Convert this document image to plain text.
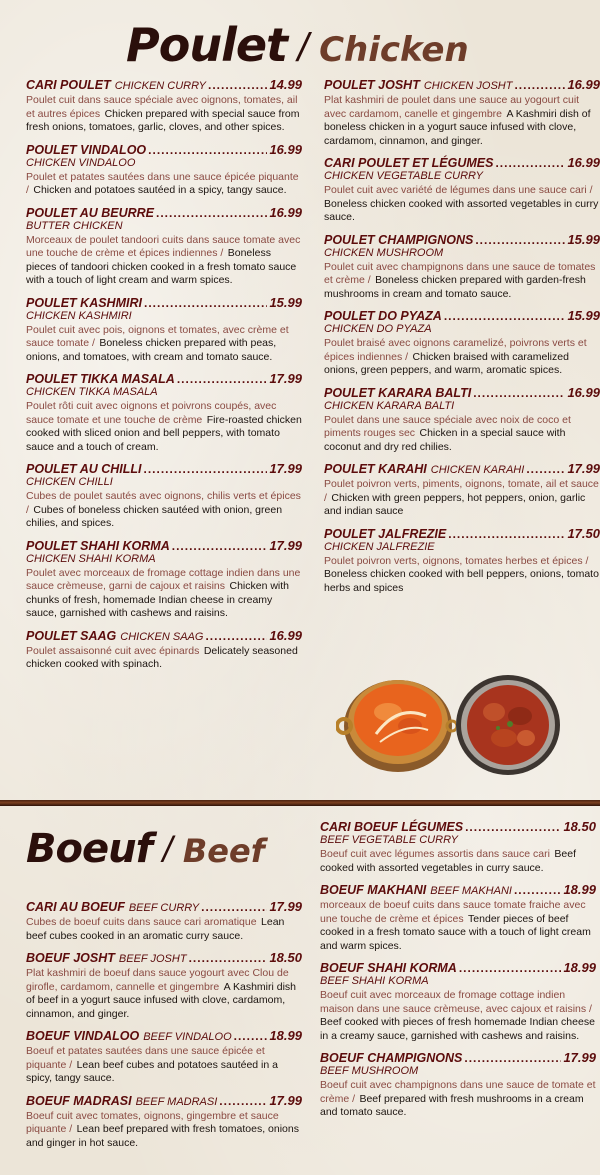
Poulet / Chicken
CARI POULET CHICKEN CURRY .....	14.99
Poulet cuit dans sauce spéciale avec oignons, tomates, ail et autres épices Chicken prepared with special sauce from fresh onions, tomatoes, garlic, cloves, and other spices.
POULET VINDALOO .....	16.99
CHICKEN VINDALOO
Poulet et patates sautées dans une sauce épicée piquante / Chicken and potatoes sautéed in a spicy, tangy sauce.
POULET AU BEURRE .....	16.99
BUTTER CHICKEN
Morceaux de poulet tandoori cuits dans sauce tomate avec une touche de crème et épices indiennes / Boneless pieces of tandoori chicken cooked in a fresh tomato sauce with a touch of light cream and warm spices.
POULET KASHMIRI .....	15.99
CHICKEN KASHMIRI
Poulet cuit avec pois, oignons et tomates, avec crème et sauce tomate / Boneless chicken prepared with peas, onions, and tomatoes, with cream and tomato sauce.
POULET TIKKA MASALA .....	17.99
CHICKEN TIKKA MASALA
Poulet rôti cuit avec oignons et poivrons coupés, avec sauce tomate et une touche de crème Fire-roasted chicken cooked with sliced onion and bell peppers, with tomato sauce and a touch of cream.
POULET AU CHILLI .....	17.99
CHICKEN CHILLI
Cubes de poulet sautés avec oignons, chilis verts et épices / Cubes of boneless chicken sautéed with onion, green chilies, and spices.
POULET SHAHI KORMA .....	17.99
CHICKEN SHAHI KORMA
Poulet avec morceaux de fromage cottage indien dans une sauce crèmeuse, garni de cajoux et raisins Chicken with chunks of fresh, homemade Indian cheese in creamy sauce, garnished with cashews and raisins.
POULET SAAG CHICKEN SAAG .....	16.99
Poulet assaisonné cuit avec épinards Delicately seasoned chicken cooked with spinach.
POULET JOSHT CHICKEN JOSHT .....	16.99
Plat kashmiri de poulet dans une sauce au yogourt cuit avec cardamom, canelle et gingembre A Kashmiri dish of boneless chicken in a yogurt sauce infused with clove, cardamom, cinnamon, and ginger.
CARI POULET ET LÉGUMES .....	16.99
CHICKEN VEGETABLE CURRY
Poulet cuit avec variété de légumes dans une sauce cari / Boneless chicken cooked with assorted vegetables in curry sauce.
POULET CHAMPIGNONS .....	15.99
CHICKEN MUSHROOM
Poulet cuit avec champignons dans une sauce de tomates et crème / Boneless chicken prepared with garden-fresh mushrooms in cream and tomato sauce.
POULET DO PYAZA .....	15.99
CHICKEN DO PYAZA
Poulet braisé avec oignons caramelizé, poivrons verts et épices indiennes / Chicken braised with caramelized onions, green peppers, and warm, aromatic spices.
POULET KARARA BALTI .....	16.99
CHICKEN KARARA BALTI
Poulet dans une sauce spéciale avec noix de coco et piments rouges sec Chicken in a special sauce with coconut and dry red chilies.
POULET KARAHI CHICKEN KARAHI .....	17.99
Poulet poivron verts, piments, oignons, tomate, ail et sauce / Chicken with green peppers, hot peppers, onion, garlic and indian sauce
POULET JALFREZIE .....	17.50
CHICKEN JALFREZIE
Poulet poivron verts, oignons, tomates herbes et épices / Boneless chicken cooked with bell peppers, onions, tomato herbs and spices
Boeuf / Beef
CARI AU BOEUF BEEF CURRY .....	17.99
Cubes de boeuf cuits dans sauce cari aromatique Lean beef cubes cooked in an aromatic curry sauce.
BOEUF JOSHT BEEF JOSHT .....	18.50
Plat kashmiri de boeuf dans sauce yogourt avec Clou de girofle, cardamom, cannelle et gingembre A Kashmiri dish of beef in a yogurt sauce infused with clove, cardamom, cinnamon, and ginger.
BOEUF VINDALOO BEEF VINDALOO .....	18.99
Boeuf et patates sautées dans une sauce épicée et piquante / Lean beef cubes and potatoes sautéed in a spicy, tangy sauce.
BOEUF MADRASI BEEF MADRASI .....	17.99
Boeuf cuit avec tomates, oignons, gingembre et sauce piquante / Lean beef prepared with fresh tomatoes, onions and ginger in hot sauce.
CARI BOEUF LÉGUMES .....	18.50
BEEF VEGETABLE CURRY
Boeuf cuit avec légumes assortis dans sauce cari Beef cooked with assorted vegetables in curry sauce.
BOEUF MAKHANI BEEF MAKHANI .....	18.99
morceaux de boeuf cuits dans sauce tomate fraiche avec une touche de crème et épices Tender pieces of beef cooked in a fresh tomato sauce with a touch of light cream and warm spices.
BOEUF SHAHI KORMA .....	18.99
BEEF SHAHI KORMA
Boeuf cuit avec morceaux de fromage cottage indien maison dans une sauce crèmeuse, avec cajoux et raisins / Beef cooked with pieces of fresh homemade Indian cheese in a creamy sauce, garnished with cashews and raisins.
BOEUF CHAMPIGNONS .....	17.99
BEEF MUSHROOM
Boeuf cuit avec champignons dans une sauce de tomate et crème / Beef prepared with fresh mushrooms in a cream and tomato sauce.
